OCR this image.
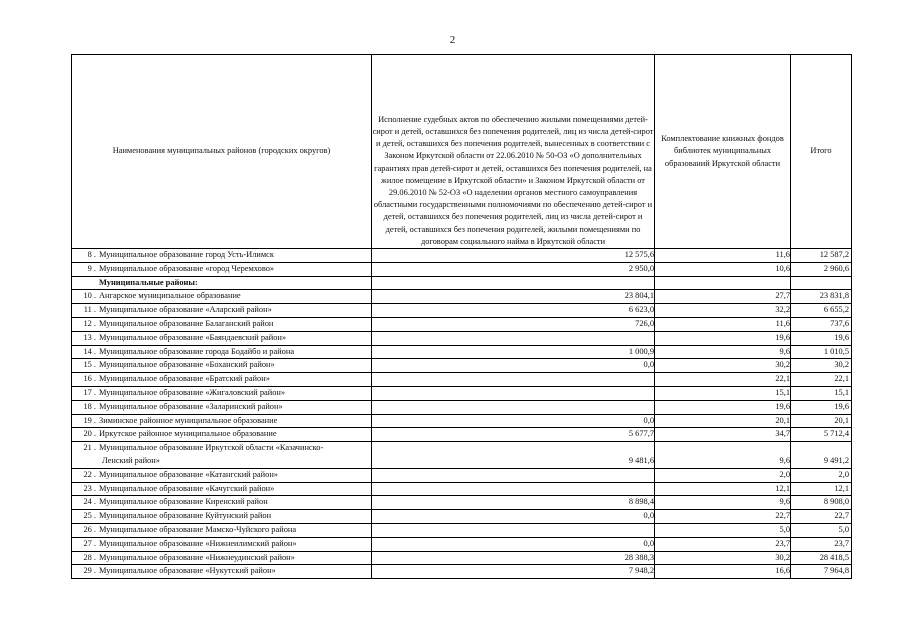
2
Наименования муниципальных районов (городских округов)	Исполнение судебных актов по обеспечению жилыми помещениями детей-сирот и детей, оставшихся без попечения родителей, лиц из числа детей-сирот и детей, оставшихся без попечения родителей, вынесенных в соответствии с Законом Иркутской области от 22.06.2010 № 50-ОЗ «О дополнительных гарантиях прав детей-сирот и детей, оставшихся без попечения родителей, на жилое помещение в Иркутской области» и Законом Иркутской области от 29.06.2010 № 52-ОЗ «О наделении органов местного самоуправления областными государственными полномочиями по обеспечению детей-сирот и детей, оставшихся без попечения родителей, лиц из числа детей-сирот и детей, оставшихся без попечения родителей, жилыми помещениями по договорам социального найма в Иркутской области	Комплектование книжных фондов библиотек муниципальных образований Иркутской области	Итого
8 . Муниципальное образование город Усть-Илимск	12 575,6	11,6	12 587,2
9 . Муниципальное образование «город Черемхово»	2 950,0	10,6	2 960,6
Муниципальные районы:			
10 . Ангарское муниципальное образование	23 804,1	27,7	23 831,8
11 . Муниципальное образование «Аларский район»	6 623,0	32,2	6 655,2
12 . Муниципальное образование Балаганский район	726,0	11,6	737,6
13 . Муниципальное образование «Баяндаевский район»		19,6	19,6
14 . Муниципальное образование города Бодайбо и района	1 000,9	9,6	1 010,5
15 . Муниципальное образование «Боханский район»	0,0	30,2	30,2
16 . Муниципальное образование «Братский район»		22,1	22,1
17 . Муниципальное образование «Жигаловский район»		15,1	15,1
18 . Муниципальное образование «Заларинский район»		19,6	19,6
19 . Зиминское районное муниципальное образование	0,0	20,1	20,1
20 . Иркутское районное муниципальное образование	5 677,7	34,7	5 712,4
21 . Муниципальное образование Иркутской области «Казачинско-
Ленский район»	9 481,6	9,6	9 491,2
22 . Муниципальное образование «Катангский район»		2,0	2,0
23 . Муниципальное образование «Качугский район»		12,1	12,1
24 . Муниципальное образование Киренский район	8 898,4	9,6	8 908,0
25 . Муниципальное образование Куйтунский район	0,0	22,7	22,7
26 . Муниципальное образование Мамско-Чуйского района		5,0	5,0
27 . Муниципальное образование «Нижнеилимский район»	0,0	23,7	23,7
28 . Муниципальное образование «Нижнеудинский район»	28 388,3	30,2	28 418,5
29 . Муниципальное образование «Нукутский район»	7 948,2	16,6	7 964,8
